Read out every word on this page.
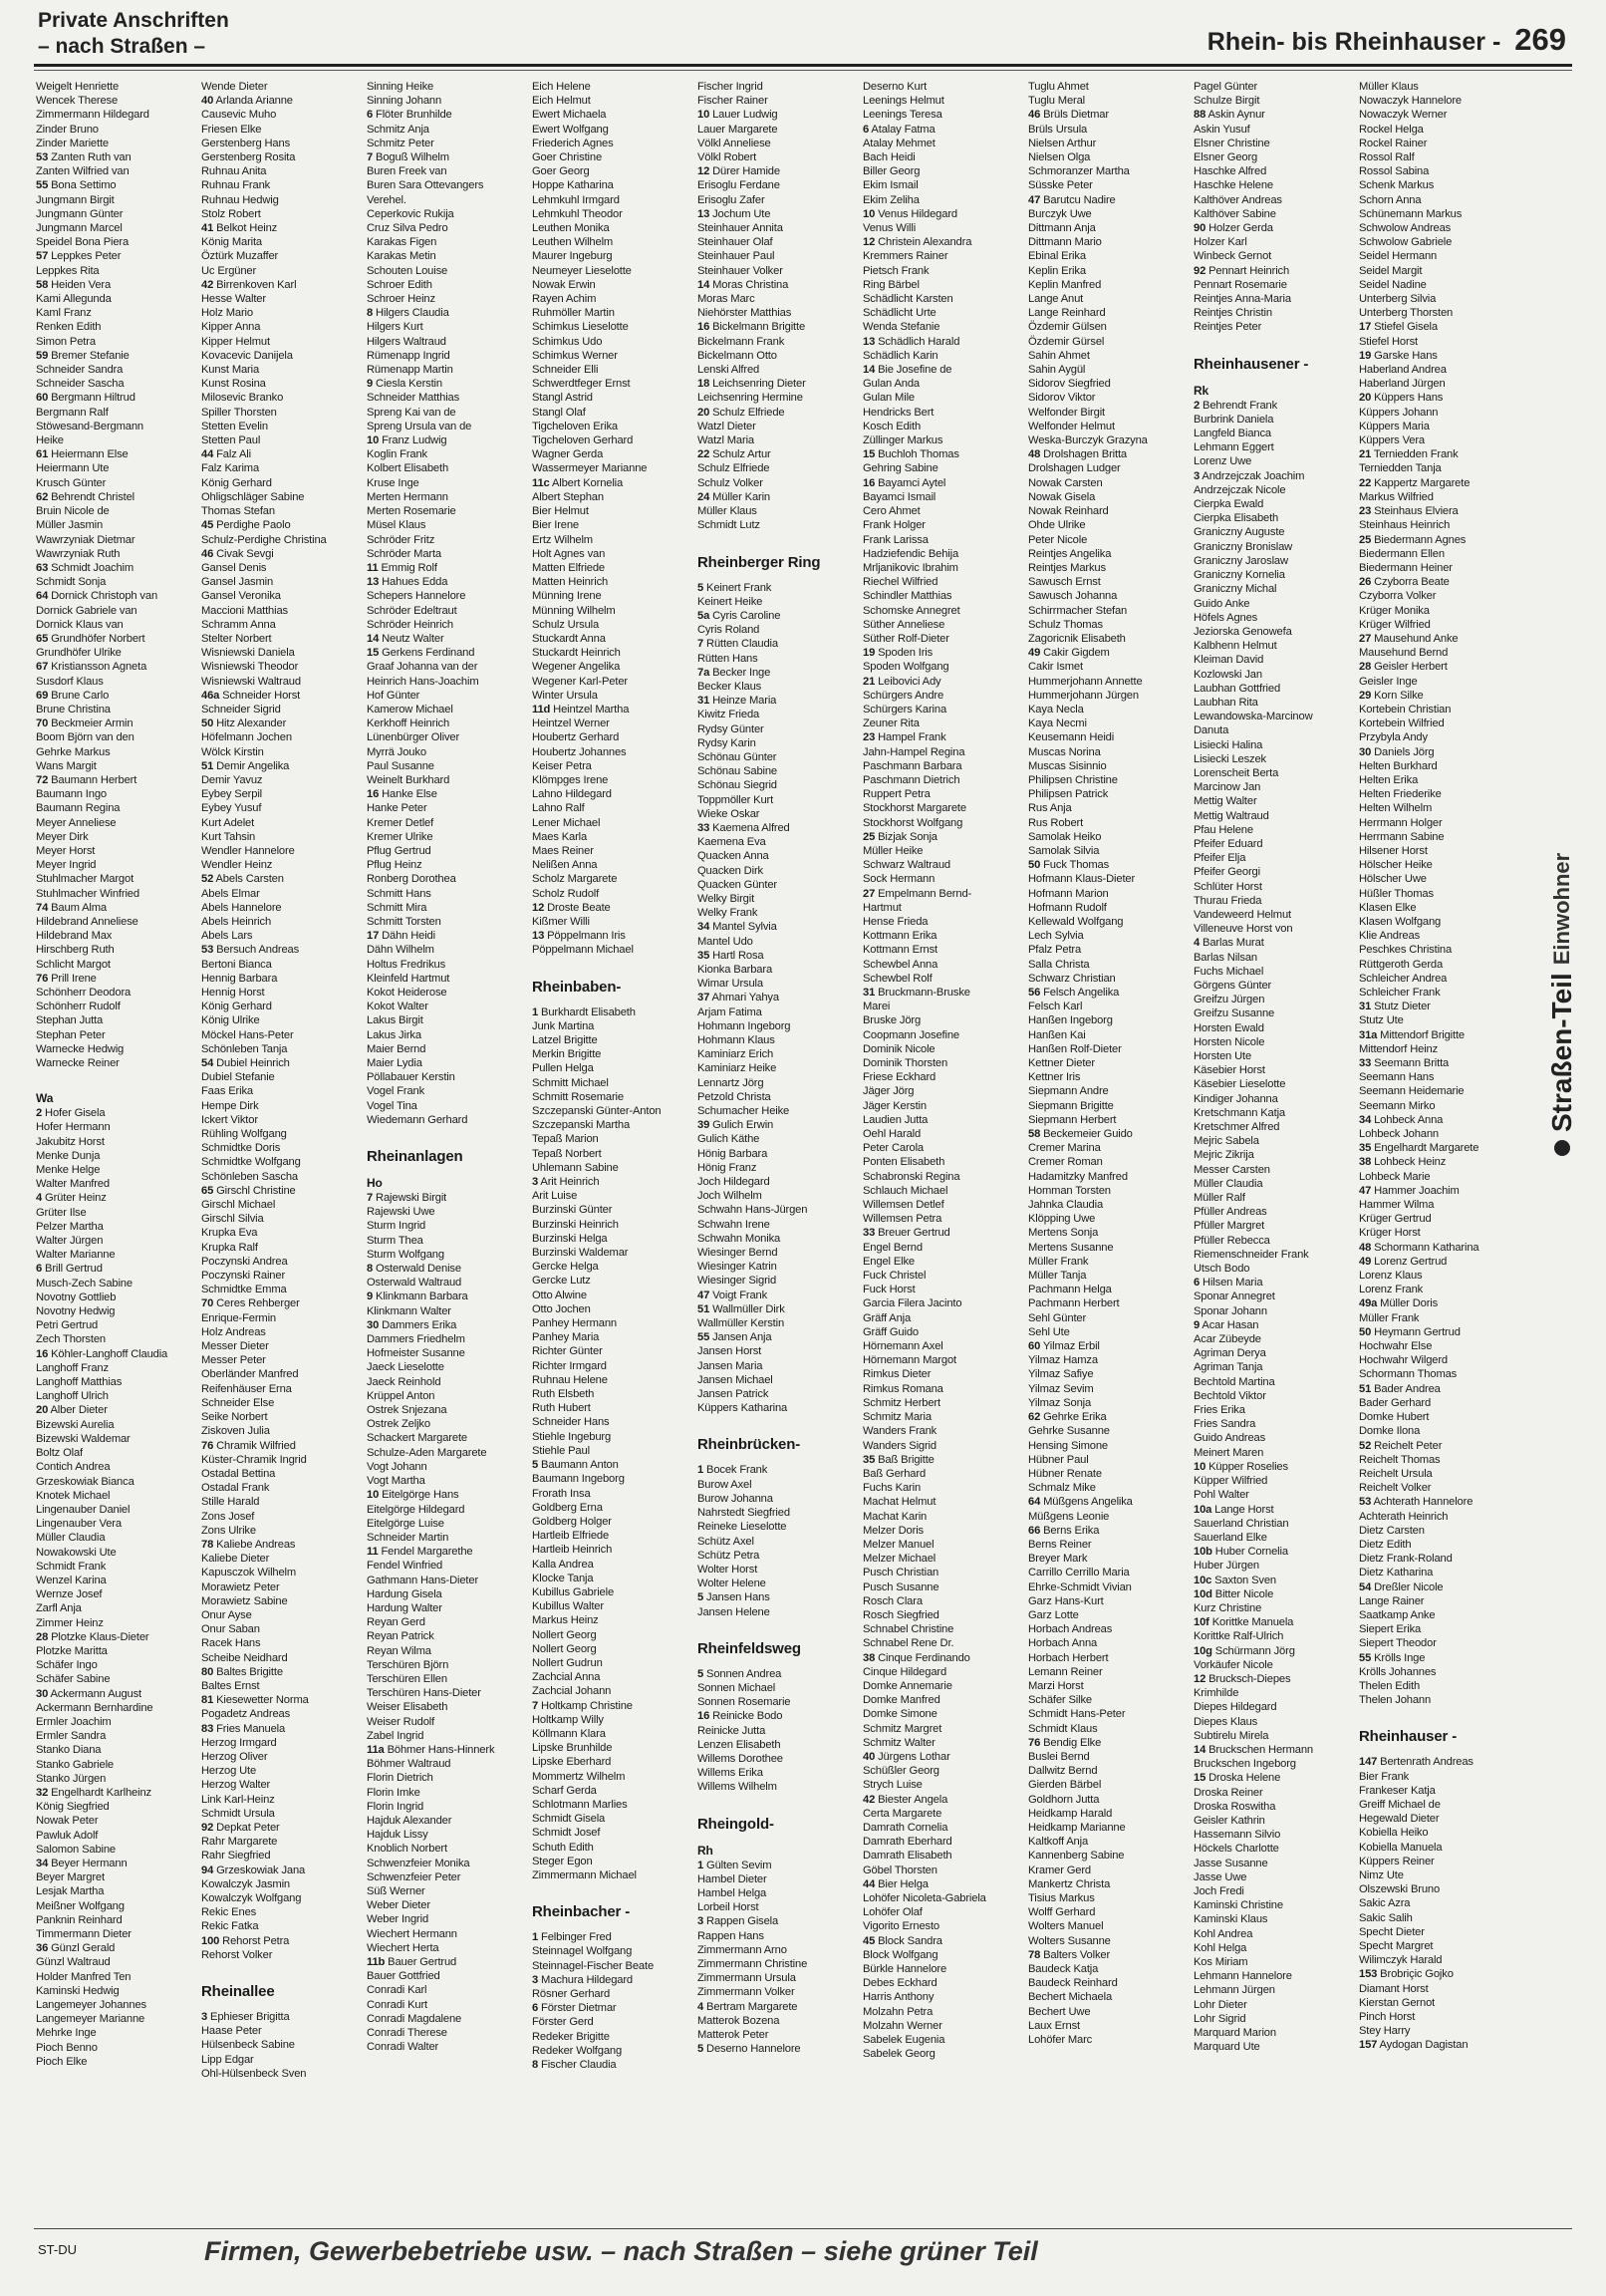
Private Anschriften
– nach Straßen –	Rhein- bis Rheinhauser - 269
Weigelt Henriette
Wencek Therese
Zimmermann Hildegard
Zinder Bruno
Zinder Mariette
53 Zanten Ruth van
Zanten Wilfried van
55 Bona Settimo
Jungmann Birgit
Jungmann Günter
Jungmann Marcel
Speidel Bona Piera
57 Leppkes Peter
Leppkes Rita
58 Heiden Vera
Kami Allegunda
Kaml Franz
Renken Edith
Simon Petra
59 Bremer Stefanie
Schneider Sandra
Schneider Sascha
60 Bergmann Hiltrud
Bergmann Ralf
Stöwesand-Bergmann
Heike
61 Heiermann Else
Heiermann Ute
Krusch Günter
62 Behrendt Christel
Bruin Nicole de
Müller Jasmin
Wawrzyniak Dietmar
Wawrzyniak Ruth
63 Schmidt Joachim
Schmidt Sonja
64 Dornick Christoph van
Dornick Gabriele van
Dornick Klaus van
65 Grundhöfer Norbert
Grundhöfer Ulrike
67 Kristiansson Agneta
Susdorf Klaus
69 Brune Carlo
Brune Christina
70 Beckmeier Armin
Boom Björn van den
Gehrke Markus
Wans Margit
72 Baumann Herbert
Baumann Ingo
Baumann Regina
Meyer Anneliese
Meyer Dirk
Meyer Horst
Meyer Ingrid
Stuhlmacher Margot
Stuhlmacher Winfried
74 Baum Alma
Hildebrand Anneliese
Hildebrand Max
Hirschberg Ruth
Schlicht Margot
76 Prill Irene
Schönherr Deodora
Schönherr Rudolf
Stephan Jutta
Stephan Peter
Warnecke Hedwig
Warnecke Reiner
Wa
2 Hofer Gisela
Hofer Hermann
Jakubitz Horst
Menke Dunja
Menke Helge
Walter Manfred
4 Grüter Heinz
Grüter Ilse
Pelzer Martha
Walter Jürgen
Walter Marianne
6 Brill Gertrud
Musch-Zech Sabine
Novotny Gottlieb
Novotny Hedwig
Petri Gertrud
Zech Thorsten
16 Köhler-Langhoff Claudia
Langhoff Franz
Langhoff Matthias
Langhoff Ulrich
20 Alber Dieter
Bizewski Aurelia
Bizewski Waldemar
Boltz Olaf
Contich Andrea
Grzeskowiak Bianca
Knotek Michael
Lingenauber Daniel
Lingenauber Vera
Müller Claudia
Nowakowski Ute
Schmidt Frank
Wenzel Karina
Wernze Josef
Zarfl Anja
Zimmer Heinz
28 Plotzke Klaus-Dieter
Plotzke Maritta
Schäfer Ingo
Schäfer Sabine
30 Ackermann August
Ackermann Bernhardine
Ermler Joachim
Ermler Sandra
Stanko Diana
Stanko Gabriele
Stanko Jürgen
32 Engelhardt Karlheinz
König Siegfried
Nowak Peter
Pawluk Adolf
Salomon Sabine
34 Beyer Hermann
Beyer Margret
Lesjak Martha
Meißner Wolfgang
Panknin Reinhard
Timmermann Dieter
36 Günzl Gerald
Günzl Waltraud
Holder Manfred Ten
Kaminski Hedwig
Langemeyer Johannes
Langemeyer Marianne
Mehrke Inge
Pioch Benno
Pioch Elke
Wende Dieter
40 Arlanda Arianne
Causevic Muho
Friesen Elke
Gerstenberg Hans
Gerstenberg Rosita
Ruhnau Anita
Ruhnau Frank
Ruhnau Hedwig
Stolz Robert
41 Belkot Heinz
König Marita
Öztürk Muzaffer
Uc Ergüner
42 Birrenkoven Karl
Hesse Walter
Holz Mario
Kipper Anna
Kipper Helmut
Kovacevic Danijela
Kunst Maria
Kunst Rosina
Milosevic Branko
Spiller Thorsten
Stetten Evelin
Stetten Paul
44 Falz Ali
Falz Karima
König Gerhard
Ohligschläger Sabine
Thomas Stefan
45 Perdighe Paolo
Schulz-Perdighe Christina
46 Civak Sevgi
Gansel Denis
Gansel Jasmin
Gansel Veronika
Maccioni Matthias
Schramm Anna
Stelter Norbert
Wisniewski Daniela
Wisniewski Theodor
Wisniewski Waltraud
46a Schneider Horst
Schneider Sigrid
50 Hitz Alexander
Höfelmann Jochen
Wölck Kirstin
51 Demir Angelika
Demir Yavuz
Eybey Serpil
Eybey Yusuf
Kurt Adelet
Kurt Tahsin
Wendler Hannelore
Wendler Heinz
52 Abels Carsten
Abels Elmar
Abels Hannelore
Abels Heinrich
Abels Lars
53 Bersuch Andreas
Bertoni Bianca
Hennig Barbara
Hennig Horst
König Gerhard
König Ulrike
Möckel Hans-Peter
Schönleben Tanja
54 Dubiel Heinrich
Dubiel Stefanie
Faas Erika
Hempe Dirk
Ickert Viktor
Rühling Wolfgang
Schmidtke Doris
Schmidtke Wolfgang
Schönleben Sascha
65 Girschl Christine
Girschl Michael
Girschl Silvia
Krupka Eva
Krupka Ralf
Poczynski Andrea
Poczynski Rainer
Schmidtke Emma
70 Ceres Rehberger
Enrique-Fermin
Holz Andreas
Messer Dieter
Messer Peter
Oberländer Manfred
Reifenhäuser Erna
Schneider Else
Seike Norbert
Ziskoven Julia
76 Chramik Wilfried
Küster-Chramik Ingrid
Ostadal Bettina
Ostadal Frank
Stille Harald
Zons Josef
Zons Ulrike
78 Kaliebe Andreas
Kaliebe Dieter
Kapusczok Wilhelm
Morawietz Peter
Morawietz Sabine
Onur Ayse
Onur Saban
Racek Hans
Scheibe Neidhard
80 Baltes Brigitte
Baltes Ernst
81 Kiesewetter Norma
Pogadetz Andreas
83 Fries Manuela
Herzog Irmgard
Herzog Oliver
Herzog Ute
Herzog Walter
Link Karl-Heinz
Schmidt Ursula
92 Depkat Peter
Rahr Margarete
Rahr Siegfried
94 Grzeskowiak Jana
Kowalczyk Jasmin
Kowalczyk Wolfgang
Rekic Enes
Rekic Fatka
100 Rehorst Petra
Rehorst Volker
Rheinallee
3 Ephieser Brigitta
Haase Peter
Hülsenbeck Sabine
Lipp Edgar
Ohl-Hülsenbeck Sven
Sinning Heike
Sinning Johann
6 Flöter Brunhilde
Schmitz Anja
Schmitz Peter
7 Boguß Wilhelm
Buren Freek van
Buren Sara Ottevangers
Verehel.
Ceperkovic Rukija
Cruz Silva Pedro
Karakas Figen
Karakas Metin
Schouten Louise
Schroer Edith
Schroer Heinz
8 Hilgers Claudia
Hilgers Kurt
Hilgers Waltraud
Rümenapp Ingrid
Rümenapp Martin
9 Ciesla Kerstin
Schneider Matthias
Spreng Kai van de
Spreng Ursula van de
10 Franz Ludwig
Koglin Frank
Kolbert Elisabeth
Kruse Inge
Merten Hermann
Merten Rosemarie
Müsel Klaus
Schröder Fritz
Schröder Marta
11 Emmig Rolf
13 Hahues Edda
Schepers Hannelore
Schröder Edeltraut
Schröder Heinrich
14 Neutz Walter
15 Gerkens Ferdinand
Graaf Johanna van der
Heinrich Hans-Joachim
Hof Günter
Kamerow Michael
Kerkhoff Heinrich
Lünenbürger Oliver
Myrrä Jouko
Paul Susanne
Weinelt Burkhard
16 Hanke Else
Hanke Peter
Kremer Detlef
Kremer Ulrike
Pflug Gertrud
Pflug Heinz
Ronberg Dorothea
Schmitt Hans
Schmitt Mira
Schmitt Torsten
17 Dähn Heidi
Dähn Wilhelm
Holtus Fredrikus
Kleinfeld Hartmut
Kokot Heiderose
Kokot Walter
Lakus Birgit
Lakus Jirka
Maier Bernd
Maier Lydia
Pöllabauer Kerstin
Vogel Frank
Vogel Tina
Wiedemann Gerhard
Rheinanlagen
Ho
7 Rajewski Birgit
Rajewski Uwe
Sturm Ingrid
Sturm Thea
Sturm Wolfgang
8 Osterwald Denise
Osterwald Waltraud
9 Klinkmann Barbara
Klinkmann Walter
30 Dammers Erika
Dammers Friedhelm
Hofmeister Susanne
Jaeck Lieselotte
Jaeck Reinhold
Krüppel Anton
Ostrek Snjezana
Ostrek Zeljko
Schackert Margarete
Schulze-Aden Margarete
Vogt Johann
Vogt Martha
10 Eitelgörge Hans
Eitelgörge Hildegard
Eitelgörge Luise
Schneider Martin
11 Fendel Margarethe
Fendel Winfried
Gathmann Hans-Dieter
Hardung Gisela
Hardung Walter
Reyan Gerd
Reyan Patrick
Reyan Wilma
Terschüren Björn
Terschüren Ellen
Terschüren Hans-Dieter
Weiser Elisabeth
Weiser Rudolf
Zabel Ingrid
11a Böhmer Hans-Hinnerk
Böhmer Waltraud
Florin Dietrich
Florin Imke
Florin Ingrid
Hajduk Alexander
Hajduk Lissy
Knoblich Norbert
Schwenzfeier Monika
Schwenzfeier Peter
Süß Werner
Weber Dieter
Weber Ingrid
Wiechert Hermann
Wiechert Herta
11b Bauer Gertrud
Bauer Gottfried
Conradi Karl
Conradi Kurt
Conradi Magdalene
Conradi Therese
Conradi Walter
Eich Helene
Eich Helmut
Ewert Michaela
Ewert Wolfgang
Friederich Agnes
Goer Christine
Goer Georg
Hoppe Katharina
Lehmkuhl Irmgard
Lehmkuhl Theodor
Leuthen Monika
Leuthen Wilhelm
Maurer Ingeburg
Neumeyer Lieselotte
Nowak Erwin
Rayen Achim
Ruhmöller Martin
Schimkus Lieselotte
Schimkus Udo
Schimkus Werner
Schneider Elli
Schwerdtfeger Ernst
Stangl Astrid
Stangl Olaf
Tigcheloven Erika
Tigcheloven Gerhard
Wagner Gerda
Wassermeyer Marianne
11c Albert Kornelia
Albert Stephan
Bier Helmut
Bier Irene
Ertz Wilhelm
Holt Agnes van
Matten Elfriede
Matten Heinrich
Münning Irene
Münning Wilhelm
Schulz Ursula
Stuckardt Anna
Stuckardt Heinrich
Wegener Angelika
Wegener Karl-Peter
Winter Ursula
11d Heintzel Martha
Heintzel Werner
Houbertz Gerhard
Houbertz Johannes
Keiser Petra
Klömpges Irene
Lahno Hildegard
Lahno Ralf
Lener Michael
Maes Karla
Maes Reiner
Nelißen Anna
Scholz Margarete
Scholz Rudolf
12 Droste Beate
Kißmer Willi
13 Pöppelmann Iris
Pöppelmann Michael
Rheinbaben-
1 Burkhardt Elisabeth
Junk Martina
Latzel Brigitte
Merkin Brigitte
Pullen Helga
Schmitt Michael
Schmitt Rosemarie
Szczepanski Günter-Anton
Szczepanski Martha
Tepaß Marion
Tepaß Norbert
Uhlemann Sabine
3 Arit Heinrich
Arit Luise
Burzinski Günter
Burzinski Heinrich
Burzinski Helga
Burzinski Waldemar
Gercke Helga
Gercke Lutz
Otto Alwine
Otto Jochen
Panhey Hermann
Panhey Maria
Richter Günter
Richter Irmgard
Ruhnau Helene
Ruth Elsbeth
Ruth Hubert
Schneider Hans
Stiehle Ingeburg
Stiehle Paul
5 Baumann Anton
Baumann Ingeborg
Frorath Insa
Goldberg Erna
Goldberg Holger
Hartleib Elfriede
Hartleib Heinrich
Kalla Andrea
Klocke Tanja
Kubillus Gabriele
Kubillus Walter
Markus Heinz
Nollert Georg
Nollert Georg
Nollert Gudrun
Zachcial Anna
Zachcial Johann
7 Holtkamp Christine
Holtkamp Willy
Köllmann Klara
Lipske Brunhilde
Lipske Eberhard
Mommertz Wilhelm
Scharf Gerda
Schlotmann Marlies
Schmidt Gisela
Schmidt Josef
Schuth Edith
Steger Egon
Zimmermann Michael
Rheinbacher -
1 Felbinger Fred
Steinnagel Wolfgang
Steinnagel-Fischer Beate
3 Machura Hildegard
Rösner Gerhard
6 Förster Dietmar
Förster Gerd
Redeker Brigitte
Redeker Wolfgang
8 Fischer Claudia
Fischer Ingrid
Fischer Rainer
10 Lauer Ludwig
Lauer Margarete
Völkl Anneliese
Völkl Robert
12 Dürer Hamide
Erisoglu Ferdane
Erisoglu Zafer
13 Jochum Ute
Steinhauer Annita
Steinhauer Olaf
Steinhauer Paul
Steinhauer Volker
14 Moras Christina
Moras Marc
Niehörster Matthias
16 Bickelmann Brigitte
Bickelmann Frank
Bickelmann Otto
Lenski Alfred
18 Leichsenring Dieter
Leichsenring Hermine
20 Schulz Elfriede
Watzl Dieter
Watzl Maria
22 Schulz Artur
Schulz Elfriede
Schulz Volker
24 Müller Karin
Müller Klaus
Schmidt Lutz
Rheinberger Ring
5 Keinert Frank
Keinert Heike
5a Cyris Caroline
Cyris Roland
7 Rütten Claudia
Rütten Hans
7a Becker Inge
Becker Klaus
31 Heinze Maria
Kiwitz Frieda
Rydsy Günter
Rydsy Karin
Schönau Günter
Schönau Sabine
Schönau Siegrid
Toppmöller Kurt
Wieke Oskar
33 Kaemena Alfred
Kaemena Eva
Quacken Anna
Quacken Dirk
Quacken Günter
Welky Birgit
Welky Frank
34 Mantel Sylvia
Mantel Udo
35 Hartl Rosa
Kionka Barbara
Wimar Ursula
37 Ahmari Yahya
Arjam Fatima
Hohmann Ingeborg
Hohmann Klaus
Kaminiarz Erich
Kaminiarz Heike
Lennartz Jörg
Petzold Christa
Schumacher Heike
39 Gulich Erwin
Gulich Käthe
Hönig Barbara
Hönig Franz
Joch Hildegard
Joch Wilhelm
Schwahn Hans-Jürgen
Schwahn Irene
Schwahn Monika
Wiesinger Bernd
Wiesinger Katrin
Wiesinger Sigrid
47 Voigt Frank
51 Wallmüller Dirk
Wallmüller Kerstin
55 Jansen Anja
Jansen Horst
Jansen Maria
Jansen Michael
Jansen Patrick
Küppers Katharina
Rheinbrücken-
1 Bocek Frank
Burow Axel
Burow Johanna
Nahrstedt Siegfried
Reineke Lieselotte
Schütz Axel
Schütz Petra
Wolter Horst
Wolter Helene
5 Jansen Hans
Jansen Helene
Rheinfeldsweg
5 Sonnen Andrea
Sonnen Michael
Sonnen Rosemarie
16 Reinicke Bodo
Reinicke Jutta
Lenzen Elisabeth
Willems Dorothee
Willems Erika
Willems Wilhelm
Rheingold-
Rh
1 Gülten Sevim
Hambel Dieter
Hambel Helga
Lorbeil Horst
3 Rappen Gisela
Rappen Hans
Zimmermann Arno
Zimmermann Christine
Zimmermann Ursula
Zimmermann Volker
4 Bertram Margarete
Matterok Bozena
Matterok Peter
5 Deserno Hannelore
Deserno Kurt
Leenings Helmut
Leenings Teresa
6 Atalay Fatma
Atalay Mehmet
Bach Heidi
Biller Georg
Ekim Ismail
Ekim Zeliha
10 Venus Hildegard
Venus Willi
12 Christein Alexandra
Kremmers Rainer
Pietsch Frank
Ring Bärbel
Schädlicht Karsten
Schädlicht Urte
Wenda Stefanie
13 Schädlich Harald
Schädlich Karin
14 Bie Josefine de
Gulan Anda
Gulan Mile
Hendricks Bert
Kosch Edith
Züllinger Markus
15 Buchloh Thomas
Gehring Sabine
16 Bayamci Aytel
Bayamci Ismail
Cero Ahmet
Frank Holger
Frank Larissa
Hadziefendic Behija
Mrljanikovic Ibrahim
Riechel Wilfried
Schindler Matthias
Schomske Annegret
Süther Anneliese
Süther Rolf-Dieter
19 Spoden Iris
Spoden Wolfgang
21 Leibovici Ady
Schürgers Andre
Schürgers Karina
Zeuner Rita
23 Hampel Frank
Jahn-Hampel Regina
Paschmann Barbara
Paschmann Dietrich
Ruppert Petra
Stockhorst Margarete
Stockhorst Wolfgang
25 Bizjak Sonja
Müller Heike
Schwarz Waltraud
Sock Hermann
27 Empelmann Bernd-
Hartmut
Hense Frieda
Kottmann Erika
Kottmann Ernst
Schewbel Anna
Schewbel Rolf
31 Bruckmann-Bruske
Marei
Bruske Jörg
Coopmann Josefine
Dominik Nicole
Dominik Thorsten
Friese Eckhard
Jäger Jörg
Jäger Kerstin
Laudien Jutta
Oehl Harald
Peter Carola
Ponten Elisabeth
Schabronski Regina
Schlauch Michael
Willemsen Detlef
Willemsen Petra
33 Breuer Gertrud
Engel Bernd
Engel Elke
Fuck Christel
Fuck Horst
Garcia Filera Jacinto
Gräff Anja
Gräff Guido
Hörnemann Axel
Hörnemann Margot
Rimkus Dieter
Rimkus Romana
Schmitz Herbert
Schmitz Maria
Wanders Frank
Wanders Sigrid
35 Baß Brigitte
Baß Gerhard
Fuchs Karin
Machat Helmut
Machat Karin
Melzer Doris
Melzer Manuel
Melzer Michael
Pusch Christian
Pusch Susanne
Rosch Clara
Rosch Siegfried
Schnabel Christine
Schnabel Rene Dr.
38 Cinque Ferdinando
Cinque Hildegard
Domke Annemarie
Domke Manfred
Domke Simone
Schmitz Margret
Schmitz Walter
40 Jürgens Lothar
Schüßler Georg
Strych Luise
42 Biester Angela
Certa Margarete
Damrath Cornelia
Damrath Eberhard
Damrath Elisabeth
Göbel Thorsten
44 Bier Helga
Lohöfer Nicoleta-Gabriela
Lohöfer Olaf
Vigorito Ernesto
45 Block Sandra
Block Wolfgang
Bürkle Hannelore
Debes Eckhard
Harris Anthony
Molzahn Petra
Molzahn Werner
Sabelek Eugenia
Sabelek Georg
Tuglu Ahmet
Tuglu Meral
46 Brüls Dietmar
Brüls Ursula
Nielsen Arthur
Nielsen Olga
Schmoranzer Martha
Süsske Peter
47 Barutcu Nadire
Burczyk Uwe
Dittmann Anja
Dittmann Mario
Ebinal Erika
Keplin Erika
Keplin Manfred
Lange Anut
Lange Reinhard
Özdemir Gülsen
Özdemir Gürsel
Sahin Ahmet
Sahin Aygül
Sidorov Siegfried
Sidorov Viktor
Welfonder Birgit
Welfonder Helmut
Weska-Burczyk Grazyna
48 Drolshagen Britta
Drolshagen Ludger
Nowak Carsten
Nowak Gisela
Nowak Reinhard
Ohde Ulrike
Peter Nicole
Reintjes Angelika
Reintjes Markus
Sawusch Ernst
Sawusch Johanna
Schirrmacher Stefan
Schulz Thomas
Zagoricnik Elisabeth
49 Cakir Gigdem
Cakir Ismet
Hummerjohann Annette
Hummerjohann Jürgen
Kaya Necla
Kaya Necmi
Keusemann Heidi
Muscas Norina
Muscas Sisinnio
Philipsen Christine
Philipsen Patrick
Rus Anja
Rus Robert
Samolak Heiko
Samolak Silvia
50 Fuck Thomas
Hofmann Klaus-Dieter
Hofmann Marion
Hofmann Rudolf
Kellewald Wolfgang
Lech Sylvia
Pfalz Petra
Salla Christa
Schwarz Christian
56 Felsch Angelika
Felsch Karl
Hanßen Ingeborg
Hanßen Kai
Hanßen Rolf-Dieter
Kettner Dieter
Kettner Iris
Siepmann Andre
Siepmann Brigitte
Siepmann Herbert
58 Beckemeier Guido
Cremer Marina
Cremer Roman
Hadamitzky Manfred
Homman Torsten
Jahnka Claudia
Klöpping Uwe
Mertens Sonja
Mertens Susanne
Müller Frank
Müller Tanja
Pachmann Helga
Pachmann Herbert
Sehl Günter
Sehl Ute
60 Yilmaz Erbil
Yilmaz Hamza
Yilmaz Safiye
Yilmaz Sevim
Yilmaz Sonja
62 Gehrke Erika
Gehrke Susanne
Hensing Simone
Hübner Paul
Hübner Renate
Schmalz Mike
64 Müßgens Angelika
Müßgens Leonie
66 Berns Erika
Berns Reiner
Breyer Mark
Carrillo Cerrillo Maria
Ehrke-Schmidt Vivian
Garz Hans-Kurt
Garz Lotte
Horbach Andreas
Horbach Anna
Horbach Herbert
Lemann Reiner
Marzi Horst
Schäfer Silke
Schmidt Hans-Peter
Schmidt Klaus
76 Bendig Elke
Buslei Bernd
Dallwitz Bernd
Gierden Bärbel
Goldhorn Jutta
Heidkamp Harald
Heidkamp Marianne
Kaltkoff Anja
Kannenberg Sabine
Kramer Gerd
Mankertz Christa
Tisius Markus
Wolff Gerhard
Wolters Manuel
Wolters Susanne
78 Balters Volker
Baudeck Katja
Baudeck Reinhard
Bechert Michaela
Bechert Uwe
Laux Ernst
Lohöfer Marc
Pagel Günter
Schulze Birgit
88 Askin Aynur
Askin Yusuf
Elsner Christine
Elsner Georg
Haschke Alfred
Haschke Helene
Kalthöver Andreas
Kalthöver Sabine
90 Holzer Gerda
Holzer Karl
Winbeck Gernot
92 Pennart Heinrich
Pennart Rosemarie
Reintjes Anna-Maria
Reintjes Christin
Reintjes Peter
Rheinhausener -
Rk
2 Behrendt Frank
Burbrink Daniela
Langfeld Bianca
Lehmann Eggert
Lorenz Uwe
3 Andrzejczak Joachim
Andrzejczak Nicole
Cierpka Ewald
Cierpka Elisabeth
Graniczny Auguste
Graniczny Bronislaw
Graniczny Jaroslaw
Graniczny Kornelia
Graniczny Michal
Guido Anke
Höfels Agnes
Jeziorska Genowefa
Kalbhenn Helmut
Kleiman David
Kozlowski Jan
Laubhan Gottfried
Laubhan Rita
Lewandowska-Marcinow
Danuta
Lisiecki Halina
Lisiecki Leszek
Lorenscheit Berta
Marcinow Jan
Mettig Walter
Mettig Waltraud
Pfau Helene
Pfeifer Eduard
Pfeifer Elja
Pfeifer Georgi
Schlüter Horst
Thurau Frieda
Vandeweerd Helmut
Villeneuve Horst von
4 Barlas Murat
Barlas Nilsan
Fuchs Michael
Görgens Günter
Greifzu Jürgen
Greifzu Susanne
Horsten Ewald
Horsten Nicole
Horsten Ute
Käsebier Horst
Käsebier Lieselotte
Kindiger Johanna
Kretschmann Katja
Kretschmer Alfred
Mejric Sabela
Mejric Zikrija
Messer Carsten
Müller Claudia
Müller Ralf
Pfüller Andreas
Pfüller Margret
Pfüller Rebecca
Riemenschneider Frank
Utsch Bodo
6 Hilsen Maria
Sponar Annegret
Sponar Johann
9 Acar Hasan
Acar Zübeyde
Agriman Derya
Agriman Tanja
Bechtold Martina
Bechtold Viktor
Fries Erika
Fries Sandra
Guido Andreas
Meinert Maren
10 Küpper Roselies
Küpper Wilfried
Pohl Walter
10a Lange Horst
Sauerland Christian
Sauerland Elke
10b Huber Cornelia
Huber Jürgen
10c Saxton Sven
10d Bitter Nicole
Kurz Christine
10f Korittke Manuela
Korittke Ralf-Ulrich
10g Schürmann Jörg
Vorkäufer Nicole
12 Brucksch-Diepes
Krimhilde
Diepes Hildegard
Diepes Klaus
Subtirelu Mirela
14 Bruckschen Hermann
Bruckschen Ingeborg
15 Droska Helene
Droska Reiner
Droska Roswitha
Geisler Kathrin
Hassemann Silvio
Höckels Charlotte
Jasse Susanne
Jasse Uwe
Joch Fredi
Kaminski Christine
Kaminski Klaus
Kohl Andrea
Kohl Helga
Kos Miriam
Lehmann Hannelore
Lehmann Jürgen
Lohr Dieter
Lohr Sigrid
Marquard Marion
Marquard Ute
Müller Klaus
Nowaczyk Hannelore
Nowaczyk Werner
Rockel Helga
Rockel Rainer
Rossol Ralf
Rossol Sabina
Schenk Markus
Schorn Anna
Schünemann Markus
Schwolow Andreas
Schwolow Gabriele
Seidel Hermann
Seidel Margit
Seidel Nadine
Unterberg Silvia
Unterberg Thorsten
17 Stiefel Gisela
Stiefel Horst
19 Garske Hans
Haberland Andrea
Haberland Jürgen
20 Küppers Hans
Küppers Johann
Küppers Maria
Küppers Vera
21 Terniedden Frank
Terniedden Tanja
22 Kappertz Margarete
Markus Wilfried
23 Steinhaus Elviera
Steinhaus Heinrich
25 Biedermann Agnes
Biedermann Ellen
Biedermann Heiner
26 Czyborra Beate
Czyborra Volker
Krüger Monika
Krüger Wilfried
27 Mausehund Anke
Mausehund Bernd
28 Geisler Herbert
Geisler Inge
29 Korn Silke
Kortebein Christian
Kortebein Wilfried
Przybyla Andy
30 Daniels Jörg
Helten Burkhard
Helten Erika
Helten Friederike
Helten Wilhelm
Herrmann Holger
Herrmann Sabine
Hilsener Horst
Hölscher Heike
Hölscher Uwe
Hüßler Thomas
Klasen Elke
Klasen Wolfgang
Klie Andreas
Peschkes Christina
Rüttgeroth Gerda
Schleicher Andrea
Schleicher Frank
31 Stutz Dieter
Stutz Ute
31a Mittendorf Brigitte
Mittendorf Heinz
33 Seemann Britta
Seemann Hans
Seemann Heidemarie
Seemann Mirko
34 Lohbeck Anna
Lohbeck Johann
35 Engelhardt Margarete
38 Lohbeck Heinz
Lohbeck Marie
47 Hammer Joachim
Hammer Wilma
Krüger Gertrud
Krüger Horst
48 Schormann Katharina
49 Lorenz Gertrud
Lorenz Klaus
Lorenz Frank
49a Müller Doris
Müller Frank
50 Heymann Gertrud
Hochwahr Else
Hochwahr Wilgerd
Schormann Thomas
51 Bader Andrea
Bader Gerhard
Domke Hubert
Domke Ilona
52 Reichelt Peter
Reichelt Thomas
Reichelt Ursula
Reichelt Volker
53 Achterath Hannelore
Achterath Heinrich
Dietz Carsten
Dietz Edith
Dietz Frank-Roland
Dietz Katharina
54 Dreßler Nicole
Lange Rainer
Saatkamp Anke
Siepert Erika
Siepert Theodor
55 Krölls Inge
Krölls Johannes
Thelen Edith
Thelen Johann
Rheinhauser -
147 Bertenrath Andreas
Bier Frank
Frankeser Katja
Greiff Michael de
Hegewald Dieter
Kobiella Heiko
Kobiella Manuela
Küppers Reiner
Nimz Ute
Olszewski Bruno
Sakic Azra
Sakic Salih
Specht Dieter
Specht Margret
Wilimczyk Harald
153 Brobriçic Gojko
Diamant Horst
Kierstan Gernot
Pinch Horst
Stey Harry
157 Aydogan Dagistan
Straßen-Teil
Einwohner
ST-DU	Firmen, Gewerbebetriebe usw. – nach Straßen – siehe grüner Teil
